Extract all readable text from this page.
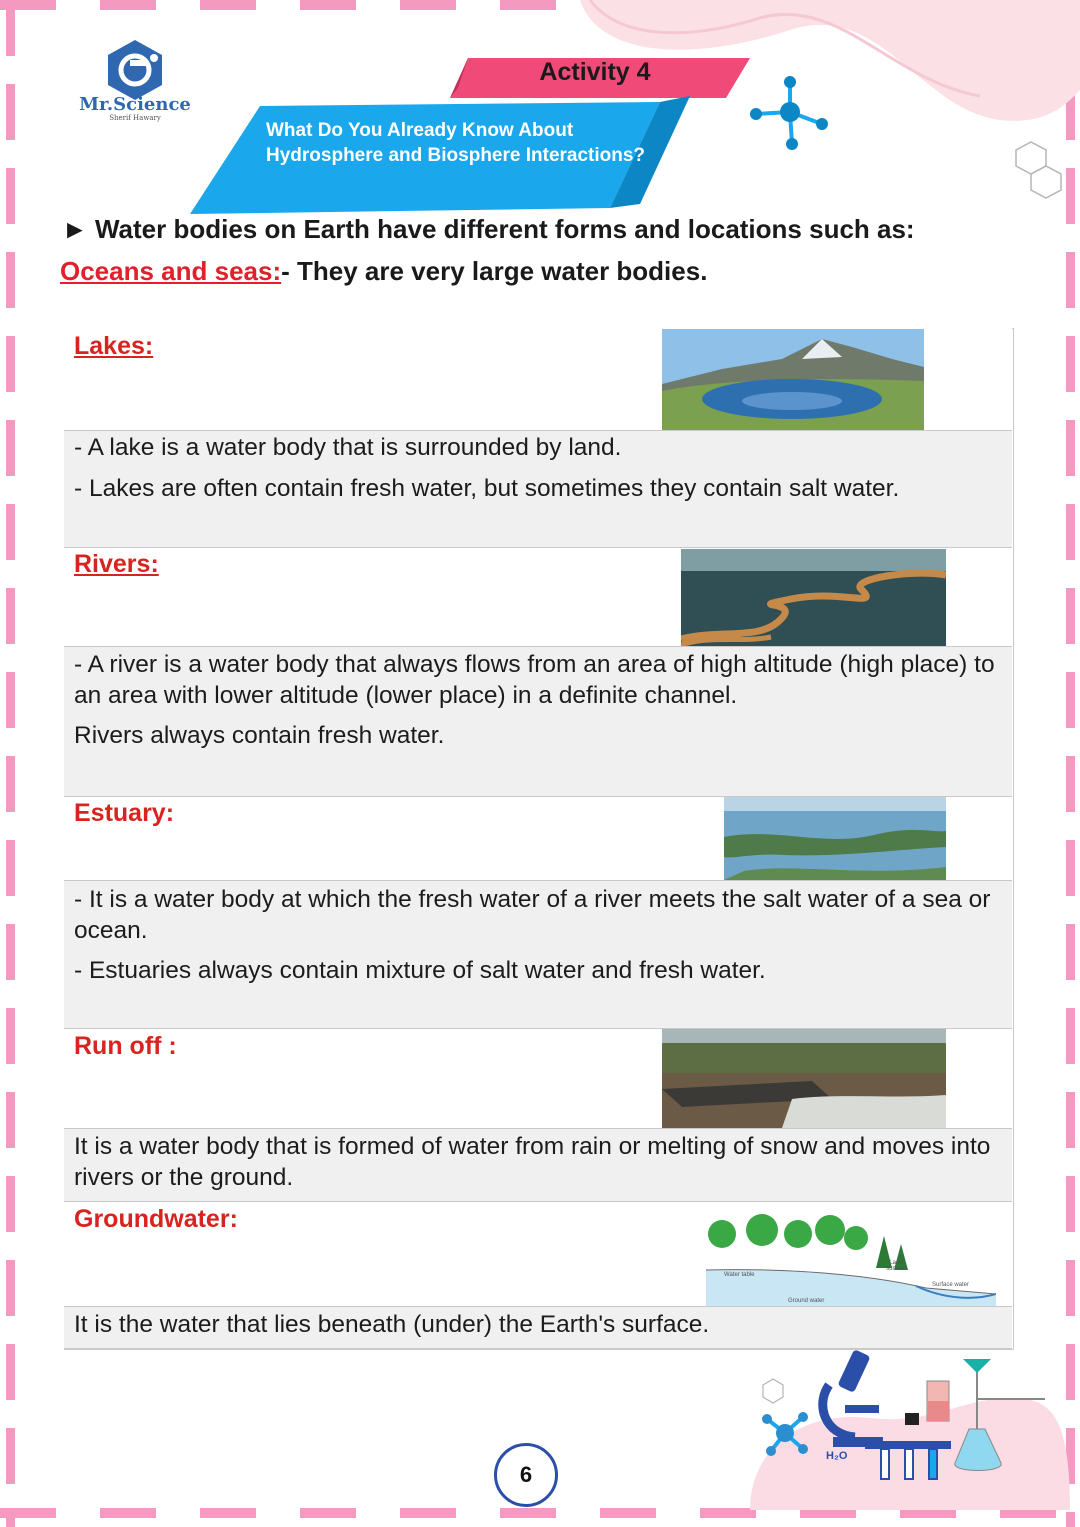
Mr.Science
Sherif Hawary
Activity 4
What Do You Already Know About Hydrosphere and Biosphere Interactions?
► Water bodies on Earth have different forms and locations such as:
Oceans and seas:- They are very large water bodies.
Lakes:
- A lake is a water body that is surrounded by land.
- Lakes are often contain fresh water, but sometimes they contain salt water.
Rivers:
- A river is a water body that always flows from an area of high altitude (high place) to an area with lower altitude (lower place) in a definite channel.
Rivers always contain fresh water.
Estuary:
- It is a water body at which the fresh water of a river meets the salt water of a sea or ocean.
- Estuaries always contain mixture of salt water and fresh water.
Run off :
It is a water body that is formed of water from rain or melting of snow and moves into rivers or the ground.
Groundwater:
Water table
Land surface
Surface water
Ground water
It is the water that lies beneath (under) the Earth's surface.
H₂O
6
